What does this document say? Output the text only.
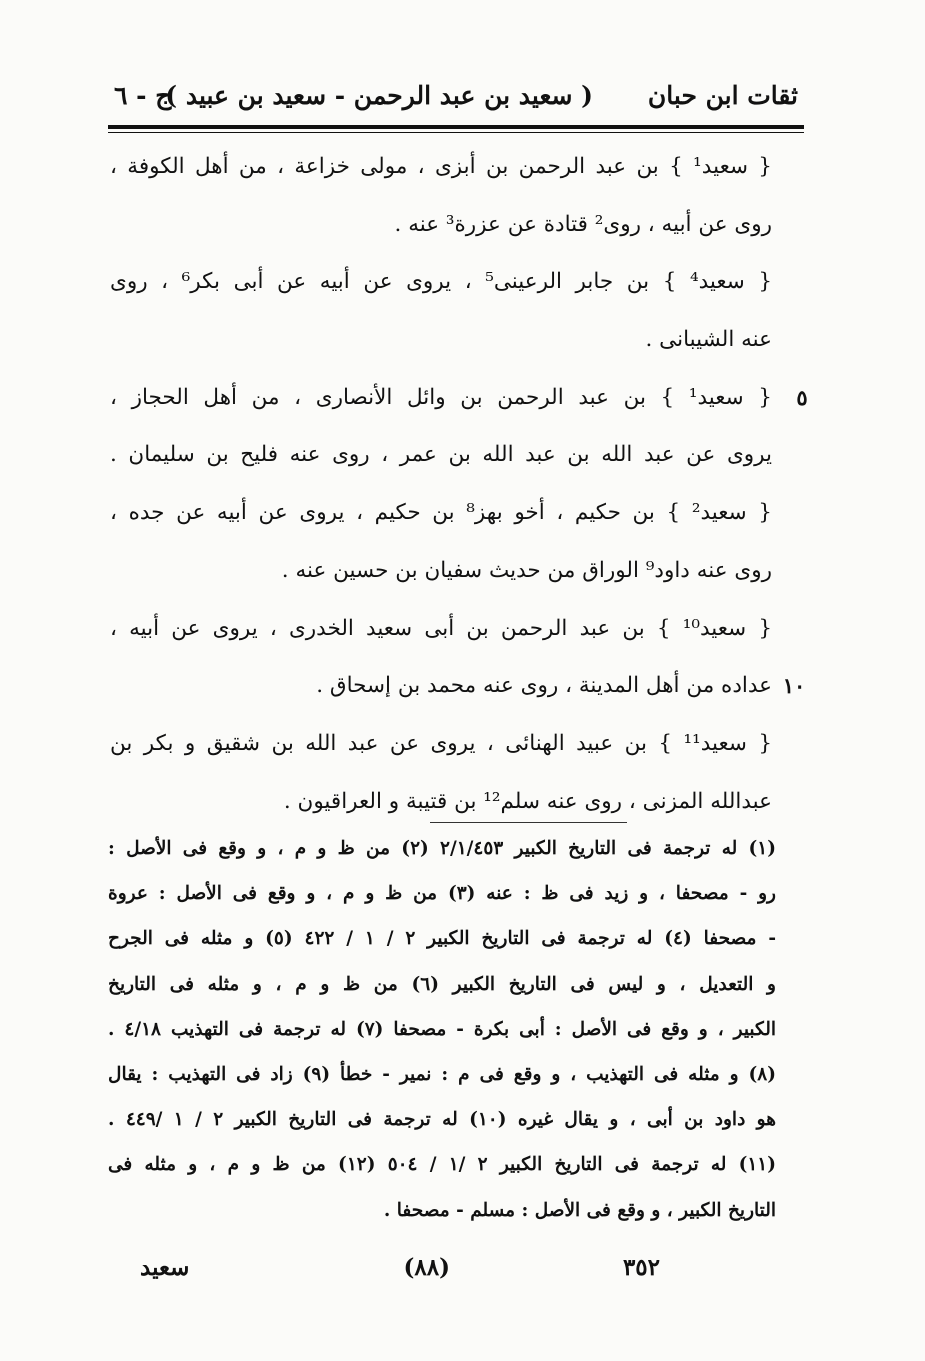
ثقات ابن حبان
( سعيد بن عبد الرحمن - سعيد بن عبيد )
ج - ٦
{ سعيد¹ } بن عبد الرحمن بن أبزى ، مولى خزاعة ، من أهل الكوفة ،
روى عن أبيه ، روى² قتادة عن عزرة³ عنه .
{ سعيد⁴ } بن جابر الرعينى⁵ ، يروى عن أبيه عن أبى بكر⁶ ، روى
عنه الشيبانى .
{ سعيد¹ } بن عبد الرحمن بن وائل الأنصارى ، من أهل الحجاز ،	٥
يروى عن عبد الله بن عبد الله بن عمر ، روى عنه فليح بن سليمان .
{ سعيد² } بن حكيم ، أخو بهز⁸ بن حكيم ، يروى عن أبيه عن جده ،
روى عنه داود⁹ الوراق من حديث سفيان بن حسين عنه .
{ سعيد¹⁰ } بن عبد الرحمن بن أبى سعيد الخدرى ، يروى عن أبيه ،
عداده من أهل المدينة ، روى عنه محمد بن إسحاق . ١٠
{ سعيد¹¹ } بن عبيد الهنائى ، يروى عن عبد الله بن شقيق و بكر بن
عبدالله المزنى ، روى عنه سلم¹² بن قتيبة و العراقيون .
(١) له ترجمة فى التاريخ الكبير ٢/١/٤٥٣ (٢) من ظ و م ، و وقع فى الأصل :
رو - مصحفا ، و زيد فى ظ : عنه (٣) من ظ و م ، و وقع فى الأصل : عروة
- مصحفا (٤) له ترجمة فى التاريخ الكبير ٢ / ١ / ٤٢٢ (٥) و مثله فى الجرح
و التعديل ، و ليس فى التاريخ الكبير (٦) من ظ و م ، و مثله فى التاريخ
الكبير ، و وقع فى الأصل : أبى بكرة - مصحفا (٧) له ترجمة فى التهذيب ٤/١٨ .
(٨) و مثله فى التهذيب ، و وقع فى م : نمير - خطأ (٩) زاد فى التهذيب : يقال
هو داود بن أبى ، و يقال غيره (١٠) له ترجمة فى التاريخ الكبير ٢ / ١ /٤٤٩ .
(١١) له ترجمة فى التاريخ الكبير ٢ /١ / ٥٠٤ (١٢) من ظ و م ، و مثله فى
التاريخ الكبير ، و وقع فى الأصل : مسلم - مصحفا .
٣٥٢
(٨٨)
سعيد
